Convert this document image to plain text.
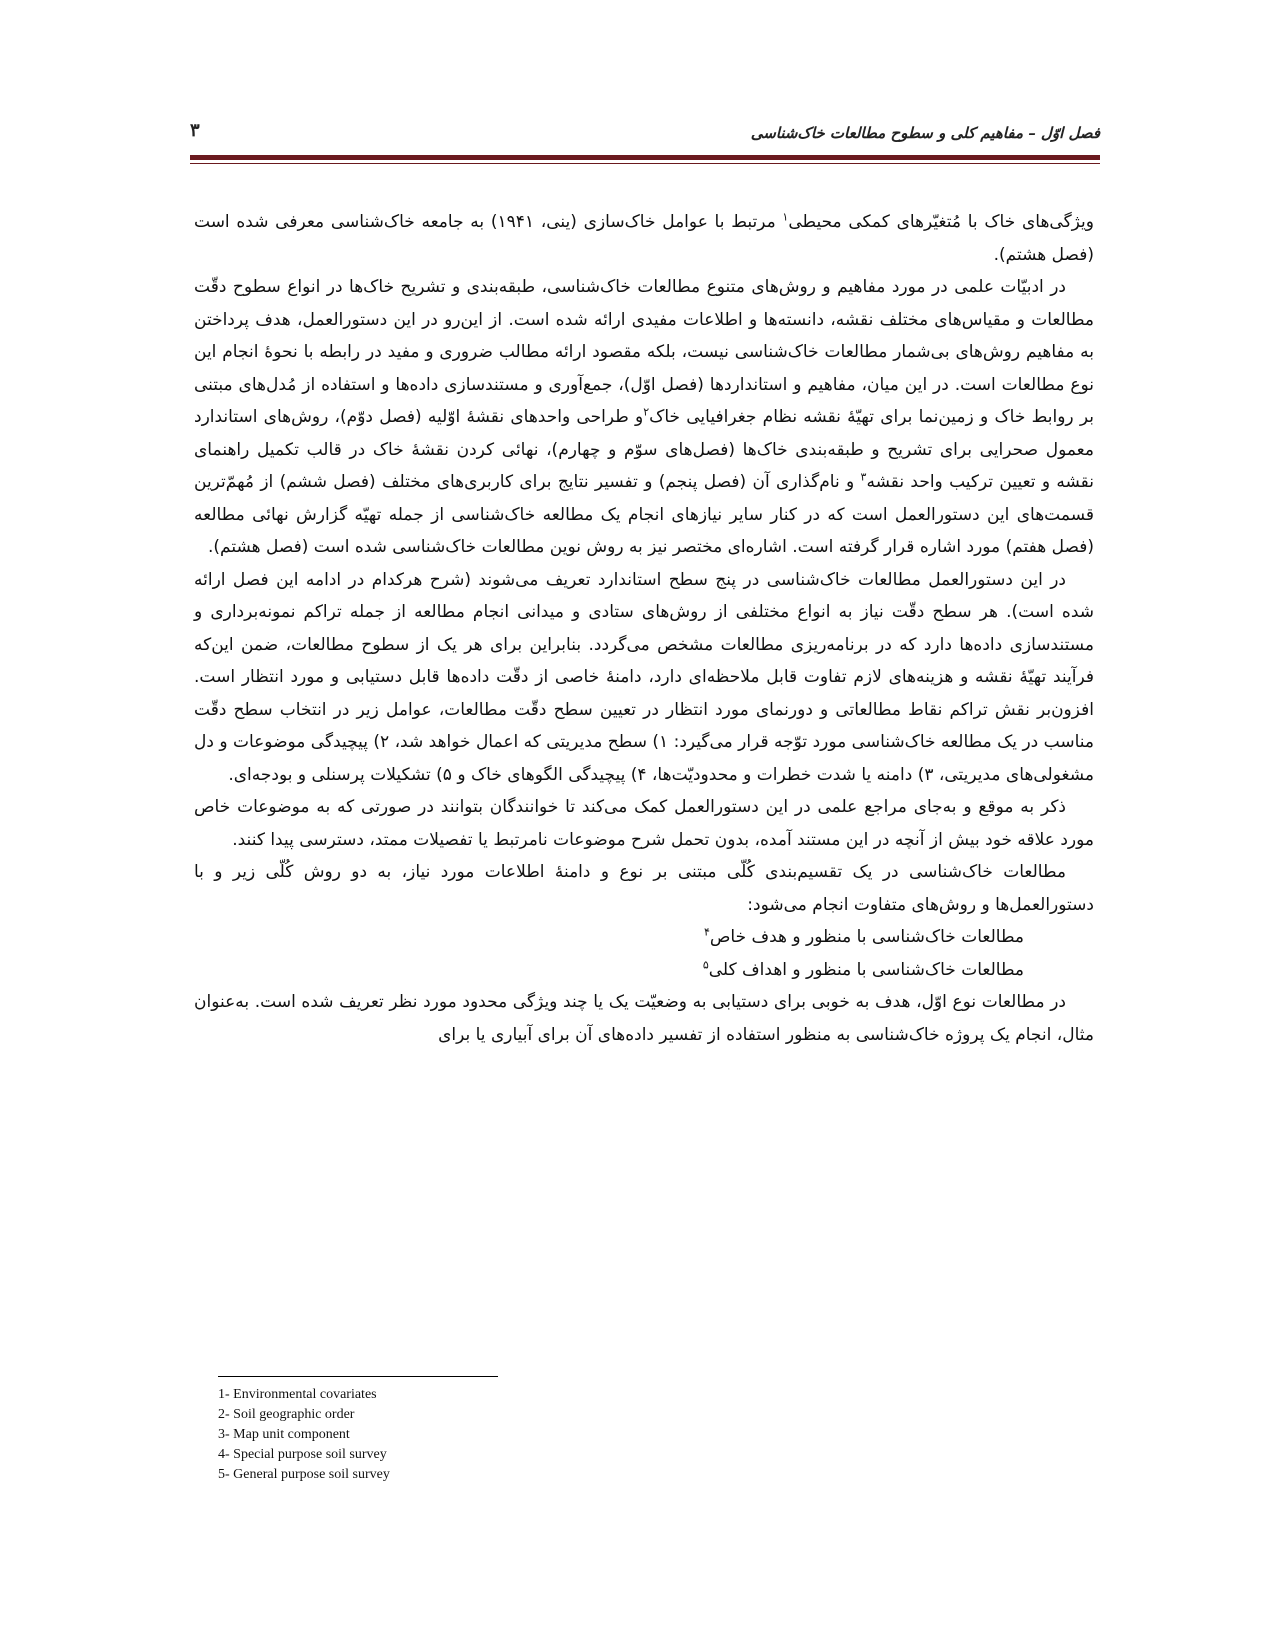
فصل اوّل – مفاهیم کلی و سطوح مطالعات خاک‌شناسی
۳

ویژگی‌های خاک با مُتغیّرهای کمکی محیطی$^۱$ مرتبط با عوامل خاک‌سازی (ینی، ۱۹۴۱) به جامعه خاک‌شناسی معرفی شده است (فصل هشتم).

در ادبیّات علمی در مورد مفاهیم و روش‌های متنوع مطالعات خاک‌شناسی، طبقه‌بندی و تشریح خاک‌ها در انواع سطوح دقّت مطالعات و مقیاس‌های مختلف نقشه، دانسته‌ها و اطلاعات مفیدی ارائه شده است. از این‌رو در این دستورالعمل، هدف پرداختن به مفاهیم روش‌های بی‌شمار مطالعات خاک‌شناسی نیست، بلکه مقصود ارائه مطالب ضروری و مفید در رابطه با نحوهٔ انجام این نوع مطالعات است. در این میان، مفاهیم و استانداردها (فصل اوّل)، جمع‌آوری و مستندسازی داده‌ها و استفاده از مُدل‌های مبتنی بر روابط خاک و زمین‌نما برای تهیّهٔ نقشه نظام جغرافیایی خاک$^۲$و طراحی واحدهای نقشهٔ اوّلیه (فصل دوّم)، روش‌های استاندارد معمول صحرایی برای تشریح و طبقه‌بندی خاک‌ها (فصل‌های سوّم و چهارم)، نهائی کردن نقشهٔ خاک در قالب تکمیل راهنمای نقشه و تعیین ترکیب واحد نقشه$^۳$ و نام‌گذاری آن (فصل پنجم) و تفسیر نتایج برای کاربری‌های مختلف (فصل ششم) از مُهمّ‌ترین قسمت‌های این دستورالعمل است که در کنار سایر نیازهای انجام یک مطالعه خاک‌شناسی از جمله تهیّه گزارش نهائی مطالعه (فصل هفتم) مورد اشاره قرار گرفته است. اشاره‌ای مختصر نیز به روش نوین مطالعات خاک‌شناسی شده است (فصل هشتم).

در این دستورالعمل مطالعات خاک‌شناسی در پنج سطح استاندارد تعریف می‌شوند (شرح هرکدام در ادامه این فصل ارائه شده است). هر سطح دقّت نیاز به انواع مختلفی از روش‌های ستادی و میدانی انجام مطالعه از جمله تراکم نمونه‌برداری و مستندسازی داده‌ها دارد که در برنامه‌ریزی مطالعات مشخص می‌گردد. بنابراین برای هر یک از سطوح مطالعات، ضمن این‌که فرآیند تهیّهٔ نقشه و هزینه‌های لازم تفاوت قابل ملاحظه‌ای دارد، دامنهٔ خاصی از دقّت داده‌ها قابل دستیابی و مورد انتظار است. افزون‌بر نقش تراکم نقاط مطالعاتی و دورنمای مورد انتظار در تعیین سطح دقّت مطالعات، عوامل زیر در انتخاب سطح دقّت مناسب در یک مطالعه خاک‌شناسی مورد توّجه قرار می‌گیرد: ۱) سطح مدیریتی که اعمال خواهد شد، ۲) پیچیدگی موضوعات و دل مشغولی‌های مدیریتی، ۳) دامنه یا شدت خطرات و محدودیّت‌ها، ۴) پیچیدگی الگوهای خاک و ۵) تشکیلات پرسنلی و بودجه‌ای.

ذکر به موقع و به‌جای مراجع علمی در این دستورالعمل کمک می‌کند تا خوانندگان بتوانند در صورتی که به موضوعات خاص مورد علاقه خود بیش از آنچه در این مستند آمده، بدون تحمل شرح موضوعات نامرتبط یا تفصیلات ممتد، دسترسی پیدا کنند.

مطالعات خاک‌شناسی در یک تقسیم‌بندی کُلّی مبتنی بر نوع و دامنهٔ اطلاعات مورد نیاز، به دو روش کُلّی زیر و با دستورالعمل‌ها و روش‌های متفاوت انجام می‌شود:

مطالعات خاک‌شناسی با منظور و هدف خاص$^۴$

مطالعات خاک‌شناسی با منظور و اهداف کلی$^۵$

در مطالعات نوع اوّل، هدف به خوبی برای دستیابی به وضعیّت یک یا چند ویژگی محدود مورد نظر تعریف شده است. به‌عنوان مثال، انجام یک پروژه خاک‌شناسی به منظور استفاده از تفسیر داده‌های آن برای آبیاری یا برای

1- Environmental covariates
2- Soil geographic order
3- Map unit component
4- Special purpose soil survey
5- General purpose soil survey
